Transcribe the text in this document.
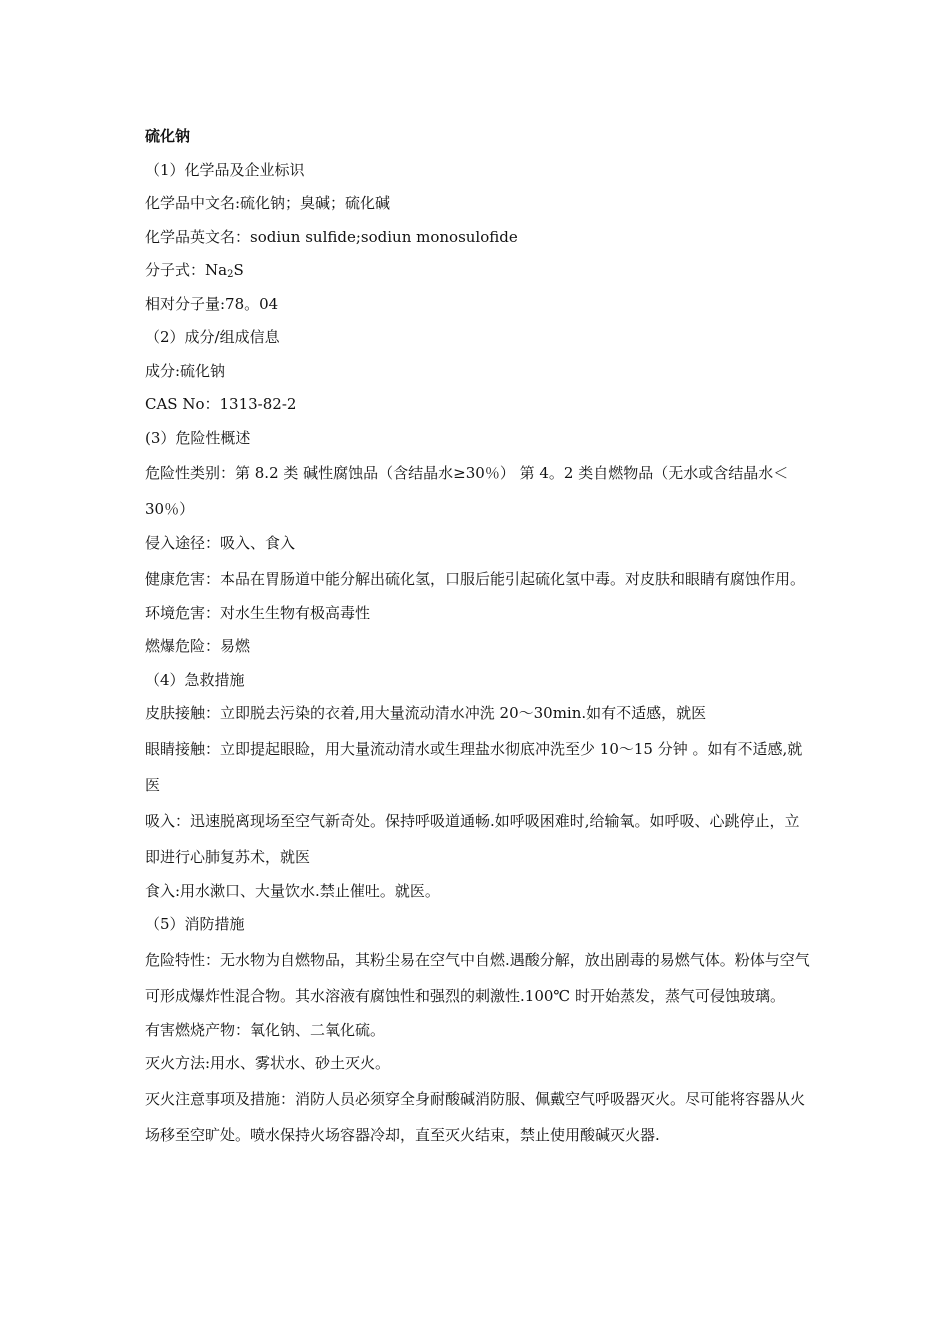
硫化钠
（1）化学品及企业标识
化学品中文名:硫化钠；臭碱；硫化碱
化学品英文名：sodiun sulfide;sodiun monosulofide
分子式：$Na_2S$
相对分子量:78。04
（2）成分/组成信息
成分:硫化钠
CAS No：1313-82-2
(3）危险性概述
危险性类别：第 8.2 类 碱性腐蚀品（含结晶水≥30％） 第 4。2 类自燃物品（无水或含结晶水＜30％）
侵入途径：吸入、食入
健康危害：本品在胃肠道中能分解出硫化氢，口服后能引起硫化氢中毒。对皮肤和眼睛有腐蚀作用。
环境危害：对水生生物有极高毒性
燃爆危险：易燃
（4）急救措施
皮肤接触：立即脱去污染的衣着,用大量流动清水冲洗 20～30min.如有不适感，就医
眼睛接触：立即提起眼睑，用大量流动清水或生理盐水彻底冲洗至少 10～15 分钟 。如有不适感,就医
吸入：迅速脱离现场至空气新奇处。保持呼吸道通畅.如呼吸困难时,给输氧。如呼吸、心跳停止，立即进行心肺复苏术，就医
食入:用水漱口、大量饮水.禁止催吐。就医。
（5）消防措施
危险特性：无水物为自燃物品，其粉尘易在空气中自燃.遇酸分解，放出剧毒的易燃气体。粉体与空气可形成爆炸性混合物。其水溶液有腐蚀性和强烈的刺激性.100℃ 时开始蒸发，蒸气可侵蚀玻璃。
有害燃烧产物：氧化钠、二氧化硫。
灭火方法:用水、雾状水、砂土灭火。
灭火注意事项及措施：消防人员必须穿全身耐酸碱消防服、佩戴空气呼吸器灭火。尽可能将容器从火场移至空旷处。喷水保持火场容器冷却，直至灭火结束，禁止使用酸碱灭火器.
